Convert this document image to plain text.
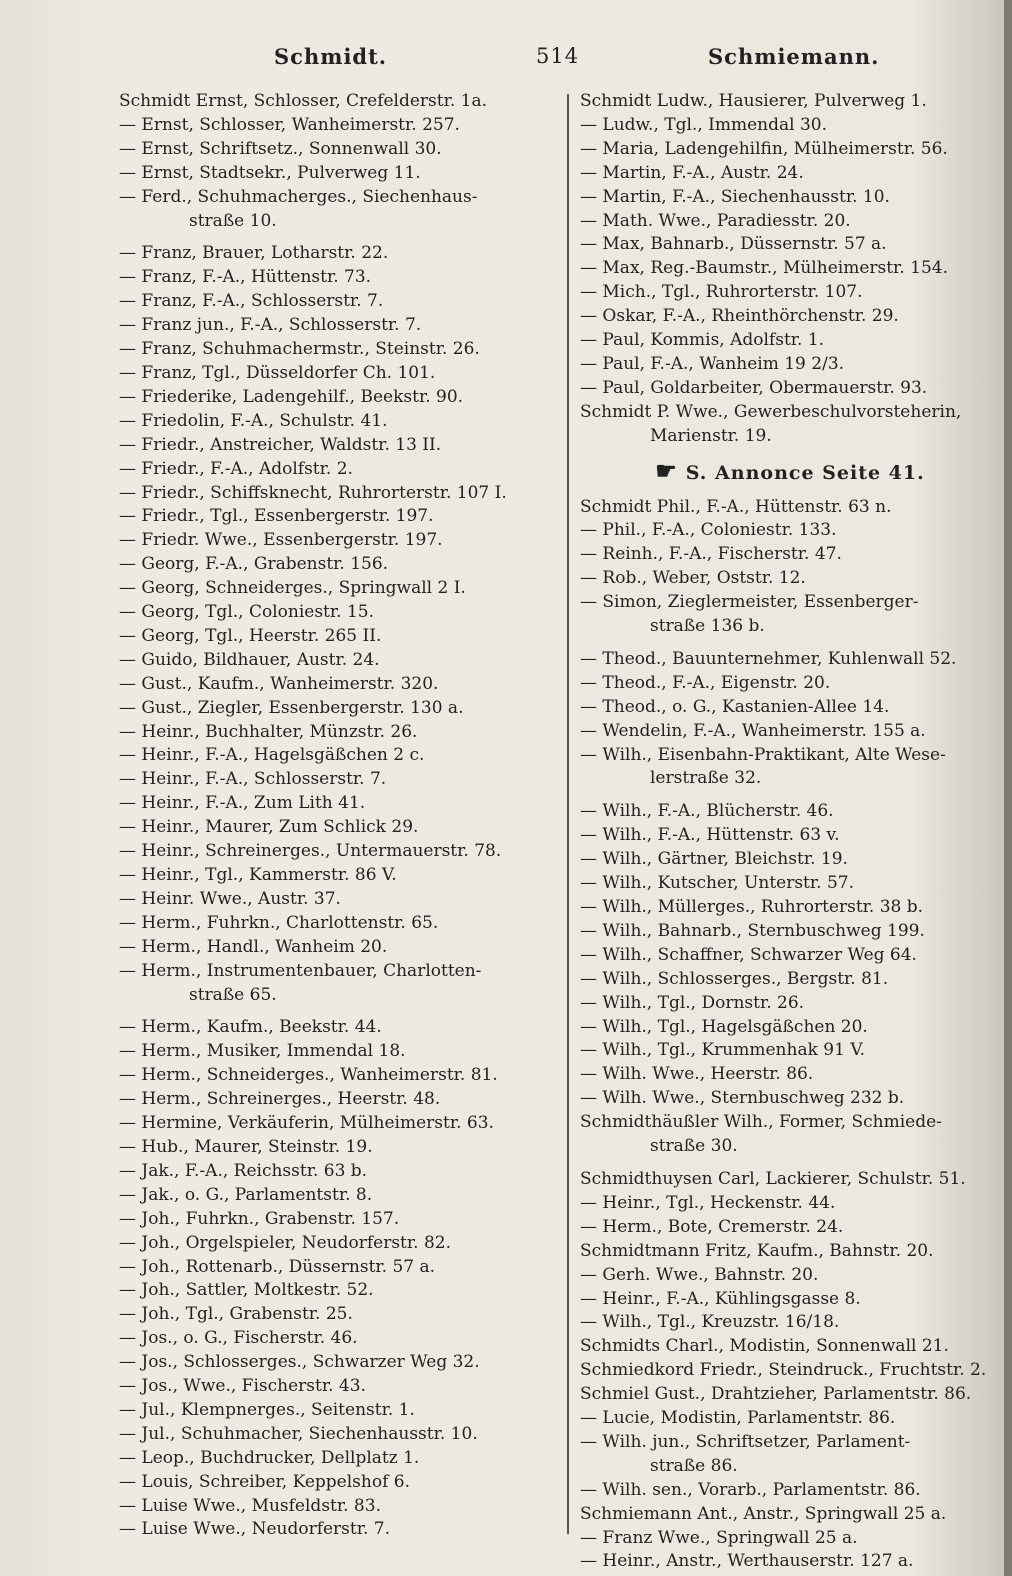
Schmidt.	514	Schmiemann.
Schmidt Ernst, Schlosser, Crefelderstr. 1a.
— Ernst, Schlosser, Wanheimerstr. 257.
— Ernst, Schriftsetz., Sonnenwall 30.
— Ernst, Stadtsekr., Pulverweg 11.
— Ferd., Schuhmacherges., Siechenhaus-
straße 10.
— Franz, Brauer, Lotharstr. 22.
— Franz, F.-A., Hüttenstr. 73.
— Franz, F.-A., Schlosserstr. 7.
— Franz jun., F.-A., Schlosserstr. 7.
— Franz, Schuhmachermstr., Steinstr. 26.
— Franz, Tgl., Düsseldorfer Ch. 101.
— Friederike, Ladengehilf., Beekstr. 90.
— Friedolin, F.-A., Schulstr. 41.
— Friedr., Anstreicher, Waldstr. 13 II.
— Friedr., F.-A., Adolfstr. 2.
— Friedr., Schiffsknecht, Ruhrorterstr. 107 I.
— Friedr., Tgl., Essenbergerstr. 197.
— Friedr. Wwe., Essenbergerstr. 197.
— Georg, F.-A., Grabenstr. 156.
— Georg, Schneiderges., Springwall 2 I.
— Georg, Tgl., Coloniestr. 15.
— Georg, Tgl., Heerstr. 265 II.
— Guido, Bildhauer, Austr. 24.
— Gust., Kaufm., Wanheimerstr. 320.
— Gust., Ziegler, Essenbergerstr. 130 a.
— Heinr., Buchhalter, Münzstr. 26.
— Heinr., F.-A., Hagelsgäßchen 2 c.
— Heinr., F.-A., Schlosserstr. 7.
— Heinr., F.-A., Zum Lith 41.
— Heinr., Maurer, Zum Schlick 29.
— Heinr., Schreinerges., Untermauerstr. 78.
— Heinr., Tgl., Kammerstr. 86 V.
— Heinr. Wwe., Austr. 37.
— Herm., Fuhrkn., Charlottenstr. 65.
— Herm., Handl., Wanheim 20.
— Herm., Instrumentenbauer, Charlotten-
straße 65.
— Herm., Kaufm., Beekstr. 44.
— Herm., Musiker, Immendal 18.
— Herm., Schneiderges., Wanheimerstr. 81.
— Herm., Schreinerges., Heerstr. 48.
— Hermine, Verkäuferin, Mülheimerstr. 63.
— Hub., Maurer, Steinstr. 19.
— Jak., F.-A., Reichsstr. 63 b.
— Jak., o. G., Parlamentstr. 8.
— Joh., Fuhrkn., Grabenstr. 157.
— Joh., Orgelspieler, Neudorferstr. 82.
— Joh., Rottenarb., Düssernstr. 57 a.
— Joh., Sattler, Moltkestr. 52.
— Joh., Tgl., Grabenstr. 25.
— Jos., o. G., Fischerstr. 46.
— Jos., Schlosserges., Schwarzer Weg 32.
— Jos., Wwe., Fischerstr. 43.
— Jul., Klempnerges., Seitenstr. 1.
— Jul., Schuhmacher, Siechenhausstr. 10.
— Leop., Buchdrucker, Dellplatz 1.
— Louis, Schreiber, Keppelshof 6.
— Luise Wwe., Musfeldstr. 83.
— Luise Wwe., Neudorferstr. 7.
Schmidt Ludw., Hausierer, Pulverweg 1.
— Ludw., Tgl., Immendal 30.
— Maria, Ladengehilfin, Mülheimerstr. 56.
— Martin, F.-A., Austr. 24.
— Martin, F.-A., Siechenhausstr. 10.
— Math. Wwe., Paradiesstr. 20.
— Max, Bahnarb., Düssernstr. 57 a.
— Max, Reg.-Baumstr., Mülheimerstr. 154.
— Mich., Tgl., Ruhrorterstr. 107.
— Oskar, F.-A., Rheinthörchenstr. 29.
— Paul, Kommis, Adolfstr. 1.
— Paul, F.-A., Wanheim 19 2/3.
— Paul, Goldarbeiter, Obermauerstr. 93.
Schmidt P. Wwe., Gewerbeschulvorsteherin,
Marienstr. 19.
☛ S. Annonce Seite 41.
Schmidt Phil., F.-A., Hüttenstr. 63 n.
— Phil., F.-A., Coloniestr. 133.
— Reinh., F.-A., Fischerstr. 47.
— Rob., Weber, Oststr. 12.
— Simon, Zieglermeister, Essenberger-
straße 136 b.
— Theod., Bauunternehmer, Kuhlenwall 52.
— Theod., F.-A., Eigenstr. 20.
— Theod., o. G., Kastanien-Allee 14.
— Wendelin, F.-A., Wanheimerstr. 155 a.
— Wilh., Eisenbahn-Praktikant, Alte Wese-
lerstraße 32.
— Wilh., F.-A., Blücherstr. 46.
— Wilh., F.-A., Hüttenstr. 63 v.
— Wilh., Gärtner, Bleichstr. 19.
— Wilh., Kutscher, Unterstr. 57.
— Wilh., Müllerges., Ruhrorterstr. 38 b.
— Wilh., Bahnarb., Sternbuschweg 199.
— Wilh., Schaffner, Schwarzer Weg 64.
— Wilh., Schlosserges., Bergstr. 81.
— Wilh., Tgl., Dornstr. 26.
— Wilh., Tgl., Hagelsgäßchen 20.
— Wilh., Tgl., Krummenhak 91 V.
— Wilh. Wwe., Heerstr. 86.
— Wilh. Wwe., Sternbuschweg 232 b.
Schmidthäußler Wilh., Former, Schmiede-
straße 30.
Schmidthuysen Carl, Lackierer, Schulstr. 51.
— Heinr., Tgl., Heckenstr. 44.
— Herm., Bote, Cremerstr. 24.
Schmidtmann Fritz, Kaufm., Bahnstr. 20.
— Gerh. Wwe., Bahnstr. 20.
— Heinr., F.-A., Kühlingsgasse 8.
— Wilh., Tgl., Kreuzstr. 16/18.
Schmidts Charl., Modistin, Sonnenwall 21.
Schmiedkord Friedr., Steindruck., Fruchtstr. 2.
Schmiel Gust., Drahtzieher, Parlamentstr. 86.
— Lucie, Modistin, Parlamentstr. 86.
— Wilh. jun., Schriftsetzer, Parlament-
straße 86.
— Wilh. sen., Vorarb., Parlamentstr. 86.
Schmiemann Ant., Anstr., Springwall 25 a.
— Franz Wwe., Springwall 25 a.
— Heinr., Anstr., Werthauserstr. 127 a.
